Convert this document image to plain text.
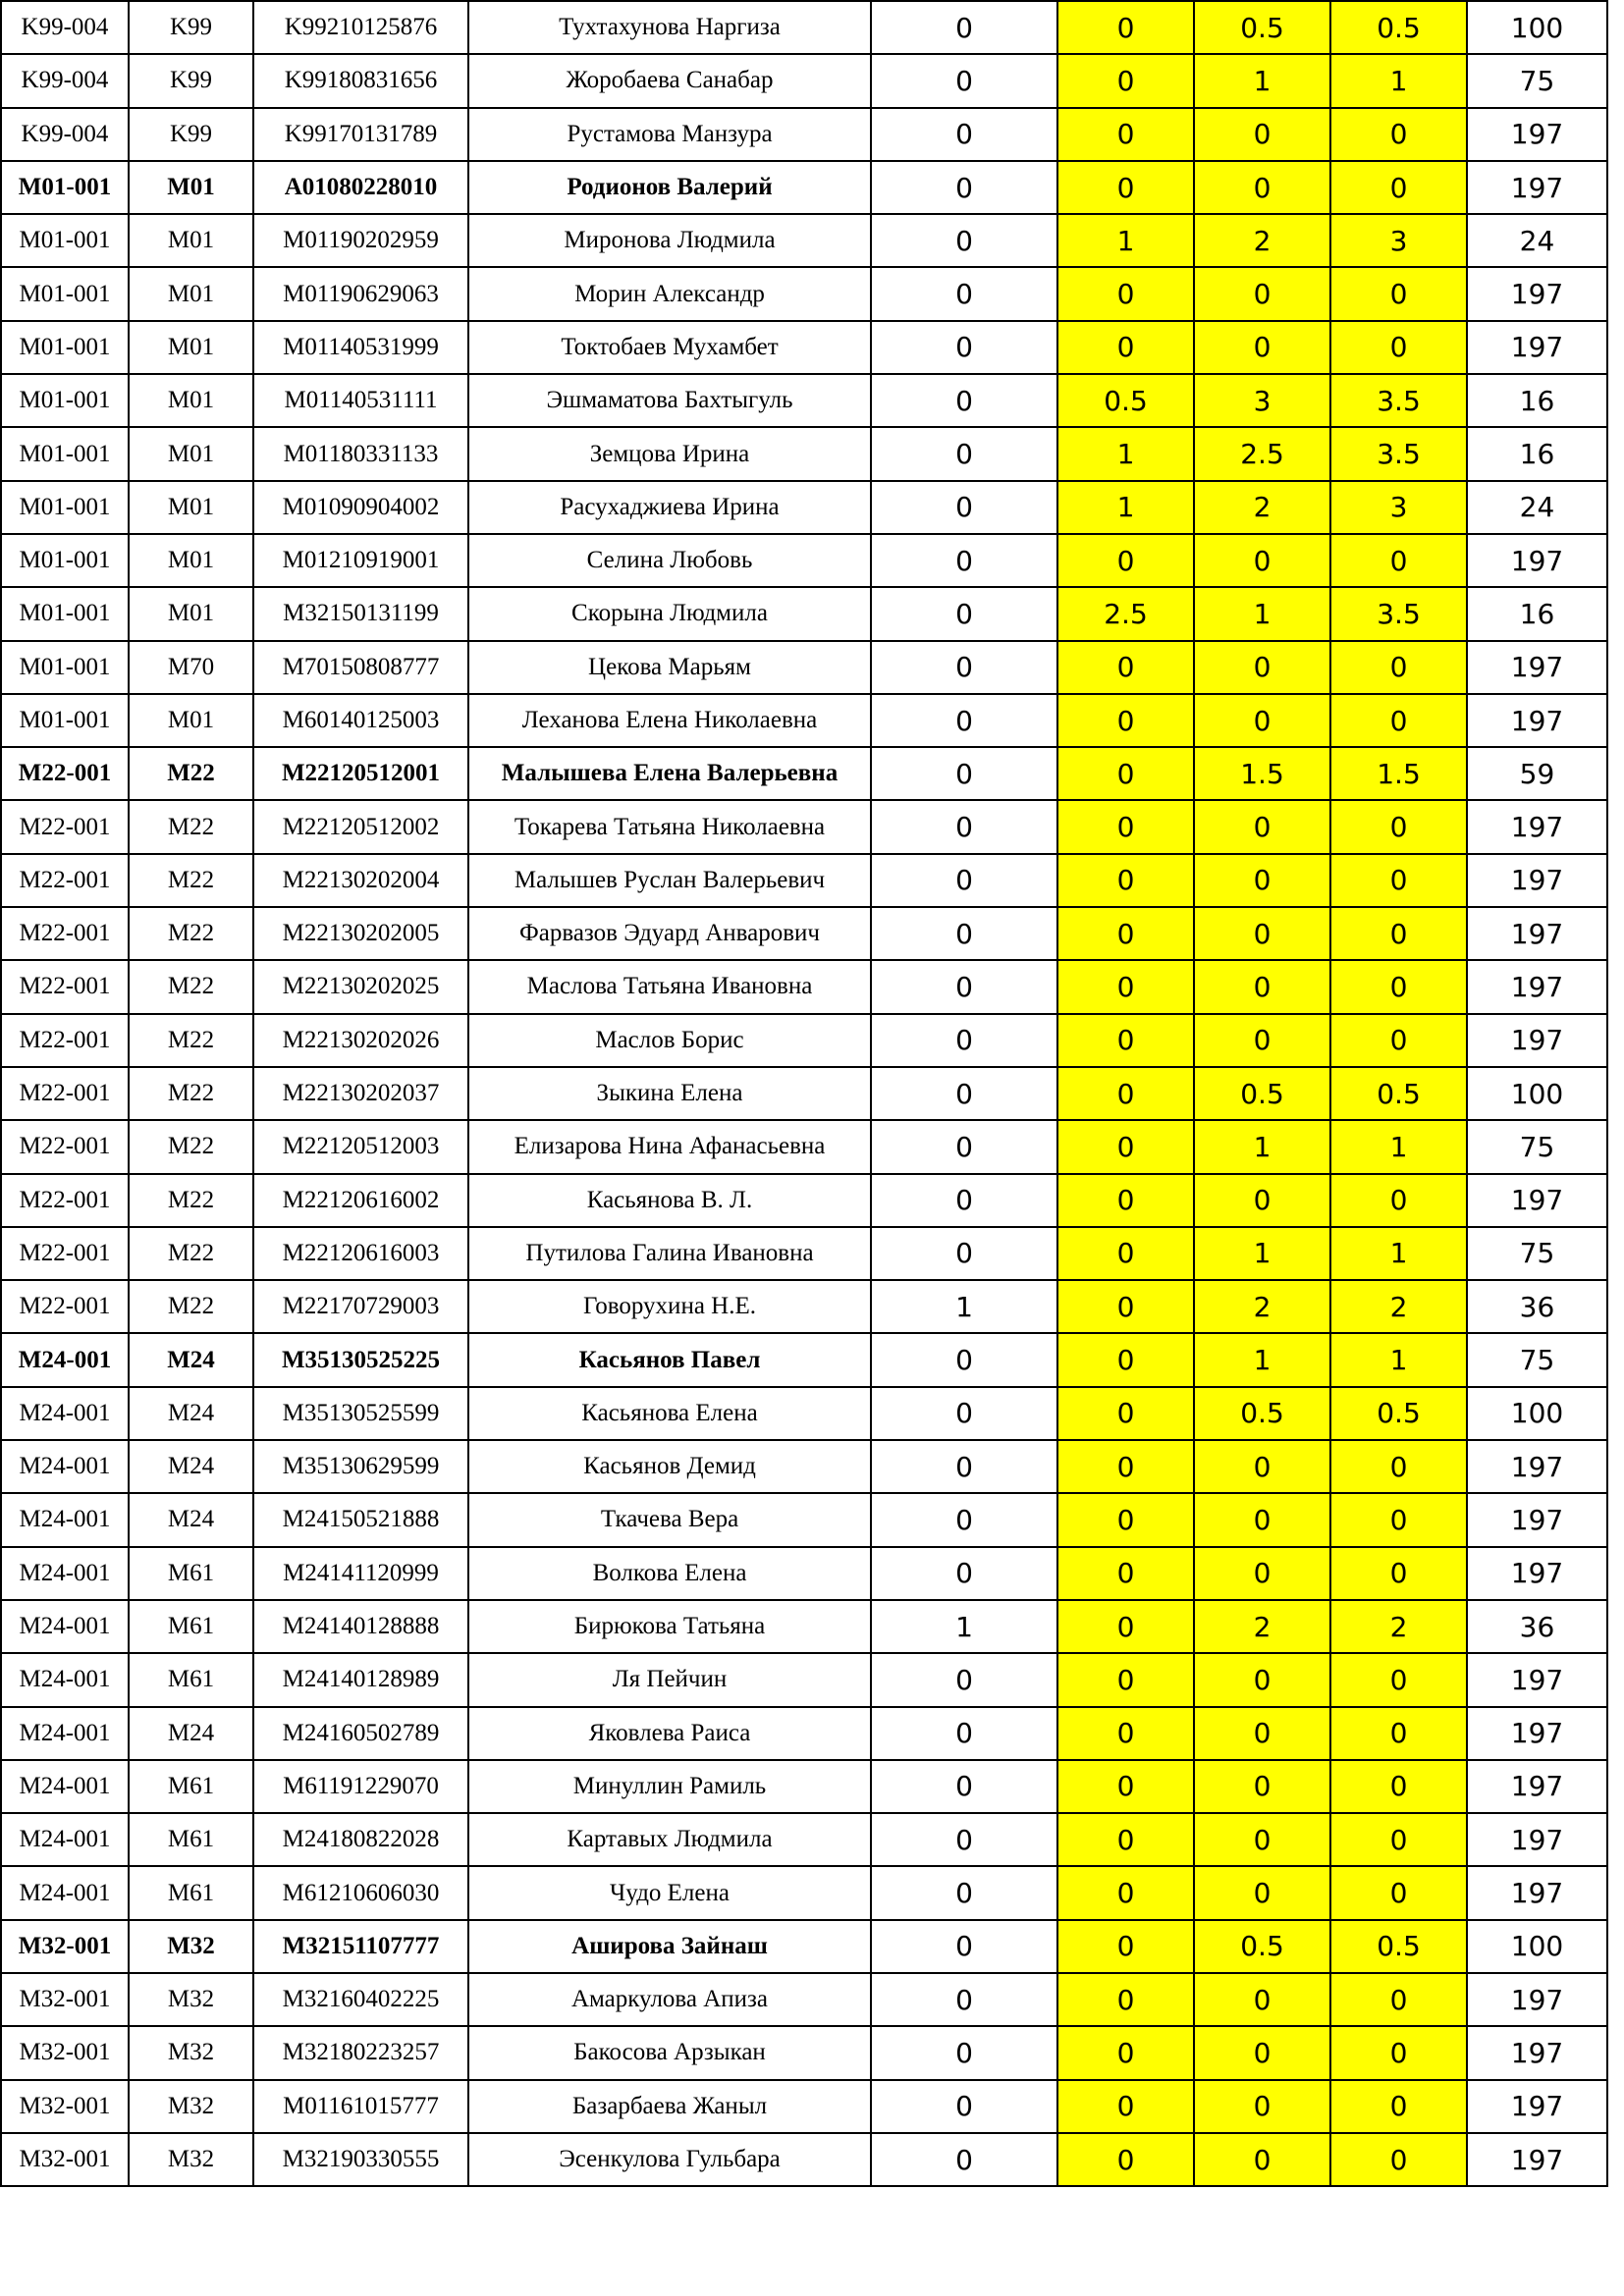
K99-004	K99	K99210125876	Тухтахунова Наргиза	0	0	0.5	0.5	100
K99-004	K99	K99180831656	Жоробаева Санабар	0	0	1	1	75
K99-004	K99	K99170131789	Рустамова Манзура	0	0	0	0	197
M01-001	M01	A01080228010	Родионов Валерий	0	0	0	0	197
M01-001	M01	M01190202959	Миронова Людмила	0	1	2	3	24
M01-001	M01	M01190629063	Морин Александр	0	0	0	0	197
M01-001	M01	M01140531999	Токтобаев Мухамбет	0	0	0	0	197
M01-001	M01	M01140531111	Эшмаматова Бахтыгуль	0	0.5	3	3.5	16
M01-001	M01	M01180331133	Земцова Ирина	0	1	2.5	3.5	16
M01-001	M01	M01090904002	Расухаджиева Ирина	0	1	2	3	24
M01-001	M01	M01210919001	Селина Любовь	0	0	0	0	197
M01-001	M01	M32150131199	Скорына Людмила	0	2.5	1	3.5	16
M01-001	M70	M70150808777	Цекова Марьям	0	0	0	0	197
M01-001	M01	M60140125003	Леханова Елена Николаевна	0	0	0	0	197
M22-001	M22	M22120512001	Малышева Елена Валерьевна	0	0	1.5	1.5	59
M22-001	M22	M22120512002	Токарева Татьяна Николаевна	0	0	0	0	197
M22-001	M22	M22130202004	Малышев Руслан Валерьевич	0	0	0	0	197
M22-001	M22	M22130202005	Фарвазов Эдуард Анварович	0	0	0	0	197
M22-001	M22	M22130202025	Маслова Татьяна Ивановна	0	0	0	0	197
M22-001	M22	M22130202026	Маслов Борис	0	0	0	0	197
M22-001	M22	M22130202037	Зыкина Елена	0	0	0.5	0.5	100
M22-001	M22	M22120512003	Елизарова Нина Афанасьевна	0	0	1	1	75
M22-001	M22	M22120616002	Касьянова В. Л.	0	0	0	0	197
M22-001	M22	M22120616003	Путилова Галина Ивановна	0	0	1	1	75
M22-001	M22	M22170729003	Говорухина Н.Е.	1	0	2	2	36
M24-001	M24	M35130525225	Касьянов Павел	0	0	1	1	75
M24-001	M24	M35130525599	Касьянова Елена	0	0	0.5	0.5	100
M24-001	M24	M35130629599	Касьянов Демид	0	0	0	0	197
M24-001	M24	M24150521888	Ткачева Вера	0	0	0	0	197
M24-001	M61	M24141120999	Волкова Елена	0	0	0	0	197
M24-001	M61	M24140128888	Бирюкова Татьяна	1	0	2	2	36
M24-001	M61	M24140128989	Ля Пейчин	0	0	0	0	197
M24-001	M24	M24160502789	Яковлева Раиса	0	0	0	0	197
M24-001	M61	M61191229070	Минуллин Рамиль	0	0	0	0	197
M24-001	M61	M24180822028	Картавых Людмила	0	0	0	0	197
M24-001	M61	M61210606030	Чудо Елена	0	0	0	0	197
M32-001	M32	M32151107777	Аширова Зайнаш	0	0	0.5	0.5	100
M32-001	M32	M32160402225	Амаркулова Апиза	0	0	0	0	197
M32-001	M32	M32180223257	Бакосова Арзыкан	0	0	0	0	197
M32-001	M32	M01161015777	Базарбаева Жаныл	0	0	0	0	197
M32-001	M32	M32190330555	Эсенкулова Гульбара	0	0	0	0	197
